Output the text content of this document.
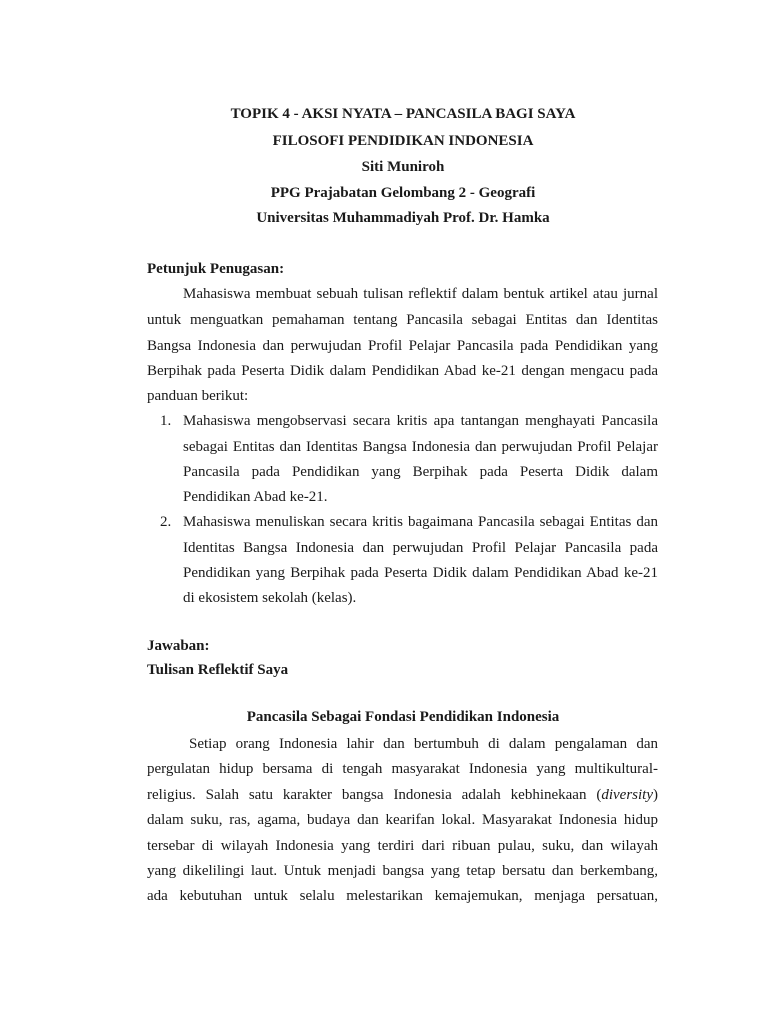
TOPIK 4 - AKSI NYATA – PANCASILA BAGI SAYA
FILOSOFI PENDIDIKAN INDONESIA
Siti Muniroh
PPG Prajabatan Gelombang 2 - Geografi
Universitas Muhammadiyah Prof. Dr. Hamka
Petunjuk Penugasan:
Mahasiswa membuat sebuah tulisan reflektif dalam bentuk artikel atau jurnal
untuk menguatkan pemahaman tentang Pancasila sebagai Entitas dan Identitas
Bangsa Indonesia dan perwujudan Profil Pelajar Pancasila pada Pendidikan yang
Berpihak pada Peserta Didik dalam Pendidikan Abad ke-21 dengan mengacu pada
panduan berikut:
1. Mahasiswa mengobservasi secara kritis apa tantangan menghayati Pancasila
sebagai Entitas dan Identitas Bangsa Indonesia dan perwujudan Profil Pelajar
Pancasila pada Pendidikan yang Berpihak pada Peserta Didik dalam
Pendidikan Abad ke-21.
2. Mahasiswa menuliskan secara kritis bagaimana Pancasila sebagai Entitas dan
Identitas Bangsa Indonesia dan perwujudan Profil Pelajar Pancasila pada
Pendidikan yang Berpihak pada Peserta Didik dalam Pendidikan Abad ke-21
di ekosistem sekolah (kelas).
Jawaban:
Tulisan Reflektif Saya
Pancasila Sebagai Fondasi Pendidikan Indonesia
Setiap orang Indonesia lahir dan bertumbuh di dalam pengalaman dan
pergulatan hidup bersama di tengah masyarakat Indonesia yang multikultural-
religius. Salah satu karakter bangsa Indonesia adalah kebhinekaan (diversity)
dalam suku, ras, agama, budaya dan kearifan lokal. Masyarakat Indonesia hidup
tersebar di wilayah Indonesia yang terdiri dari ribuan pulau, suku, dan wilayah
yang dikelilingi laut. Untuk menjadi bangsa yang tetap bersatu dan berkembang,
ada kebutuhan untuk selalu melestarikan kemajemukan, menjaga persatuan,
